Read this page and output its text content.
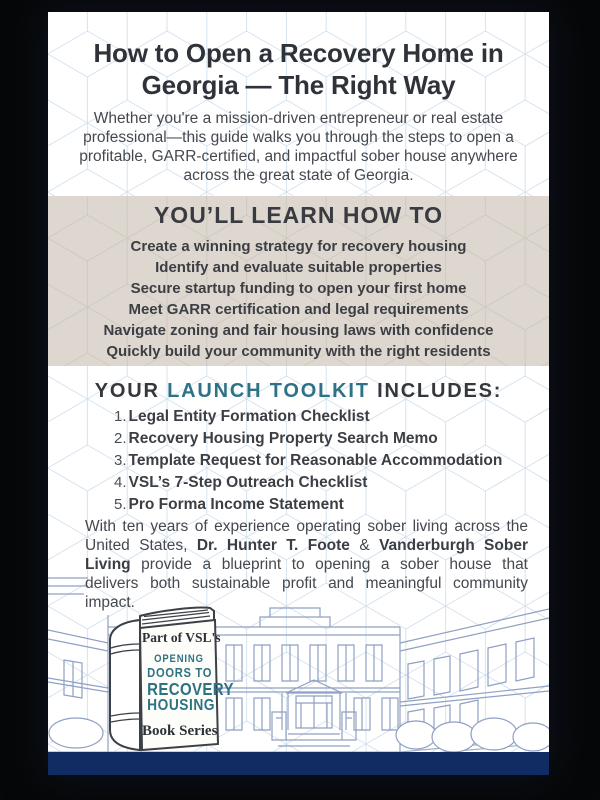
How to Open a Recovery Home in
Georgia — The Right Way

Whether you're a mission-driven entrepreneur or real estate professional—this guide walks you through the steps to open a profitable, GARR-certified, and impactful sober house anywhere across the great state of Georgia.

YOU’LL LEARN HOW TO
Create a winning strategy for recovery housing
Identify and evaluate suitable properties
Secure startup funding to open your first home
Meet GARR certification and legal requirements
Navigate zoning and fair housing laws with confidence
Quickly build your community with the right residents
YOUR LAUNCH TOOLKIT INCLUDES:
1. Legal Entity Formation Checklist
2. Recovery Housing Property Search Memo
3. Template Request for Reasonable Accommodation
4. VSL’s 7-Step Outreach Checklist
5. Pro Forma Income Statement

With ten years of experience operating sober living across the United States, Dr. Hunter T. Foote & Vanderburgh Sober Living provide a blueprint to opening a sober house that delivers both sustainable profit and meaningful community impact.

Part of VSL's
OPENING
DOORS TO
RECOVERY
HOUSING
Book Series
